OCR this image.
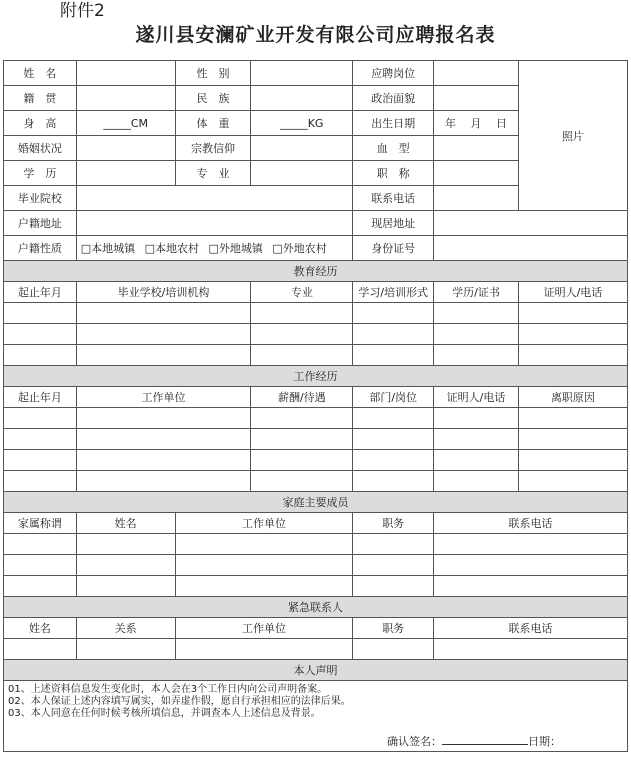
附件2
遂川县安澜矿业开发有限公司应聘报名表
姓　名		性　别		应聘岗位		照片
籍　贯		民　族		政治面貌		
身　高	_____CM	体　重	_____KG	出生日期	年　 月　 日	
婚姻状况		宗教信仰		血　型		
学　历		专　业		职　称		
毕业院校				联系电话		
户籍地址				现居地址		
户籍性质	□本地城镇 □本地农村 □外地城镇 □外地农村			身份证号		
教育经历						
起止年月	毕业学校/培训机构		专业	学习/培训形式	学历/证书	证明人/电话

工作经历						
起止年月	工作单位		薪酬/待遇	部门/岗位	证明人/电话	离职原因

家庭主要成员						
家属称谓	姓名	工作单位		职务	联系电话	

紧急联系人						
姓名	关系	工作单位		职务	联系电话	

本人声明						

01、上述资料信息发生变化时，本人会在3个工作日内向公司声明备案。

02、本人保证上述内容填写属实，如弄虚作假，愿自行承担相应的法律后果。

03、本人同意在任何时候考核所填信息，并调查本人上述信息及背景。

确认签名： 日期：						
